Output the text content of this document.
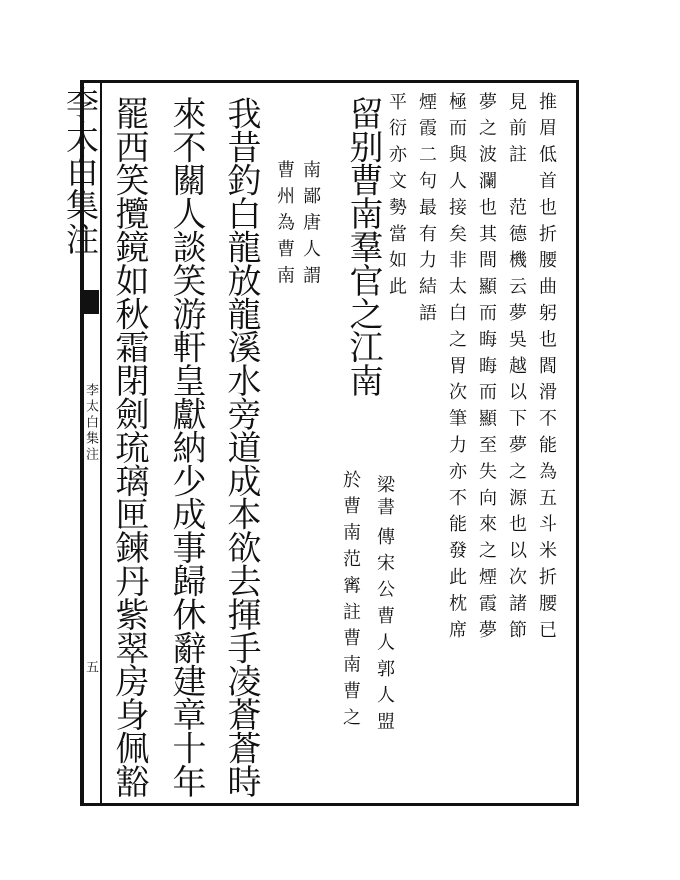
李太白集注
李太白集注
五
推眉低首也折腰曲躬也閻滑不能為五斗米折腰已
見前註　范德機云夢吳越以下夢之源也以次諸節
夢之波瀾也其間顯而晦晦而顯至失向來之煙霞夢
極而與人接矣非太白之胃次筆力亦不能發此枕席
煙霞二句最有力結語
平衍亦文勢當如此
留别曹南羣官之江南
梁書
傳宋公曹人郭人盟
於曹南范寗註曹南曹之
南鄙唐人謂
曹州為曹南
我昔釣白龍放龍溪水旁道成本欲去揮手凌蒼蒼時
來不關人談笑游軒皇獻納少成事歸休辭建章十年
罷西笑攬鏡如秋霜閉劍琉璃匣鍊丹紫翠房身佩豁
